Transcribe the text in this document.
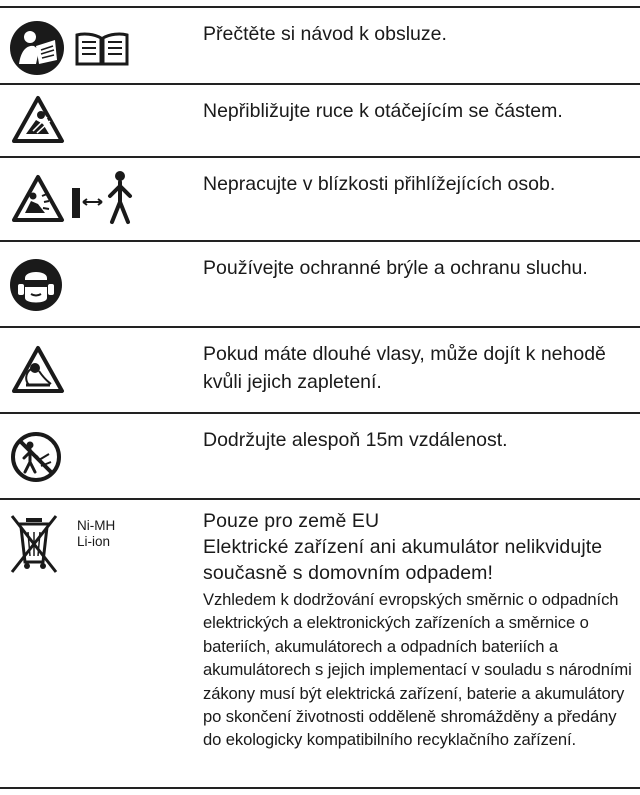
Přečtěte si návod k obsluze.
Nepřibližujte ruce k otáčejícím se částem.
Nepracujte v blízkosti přihlížejících osob.
Používejte ochranné brýle a ochranu sluchu.
Pokud máte dlouhé vlasy, může dojít k nehodě kvůli jejich zapletení.
Dodržujte alespoň 15m vzdálenost.
Ni-MH
Li-ion
Pouze pro země EU
Elektrické zařízení ani akumulátor nelikvidujte současně s domovním odpadem!
Vzhledem k dodržování evropských směrnic o odpadních elektrických a elektronických zařízeních a směrnice o bateriích, akumulátorech a odpadních bateriích a akumulátorech s jejich implementací v souladu s národními zákony musí být elektrická zařízení, baterie a akumulátory po skončení životnosti odděleně shromážděny a předány do ekologicky kompatibilního recyklačního zařízení.
